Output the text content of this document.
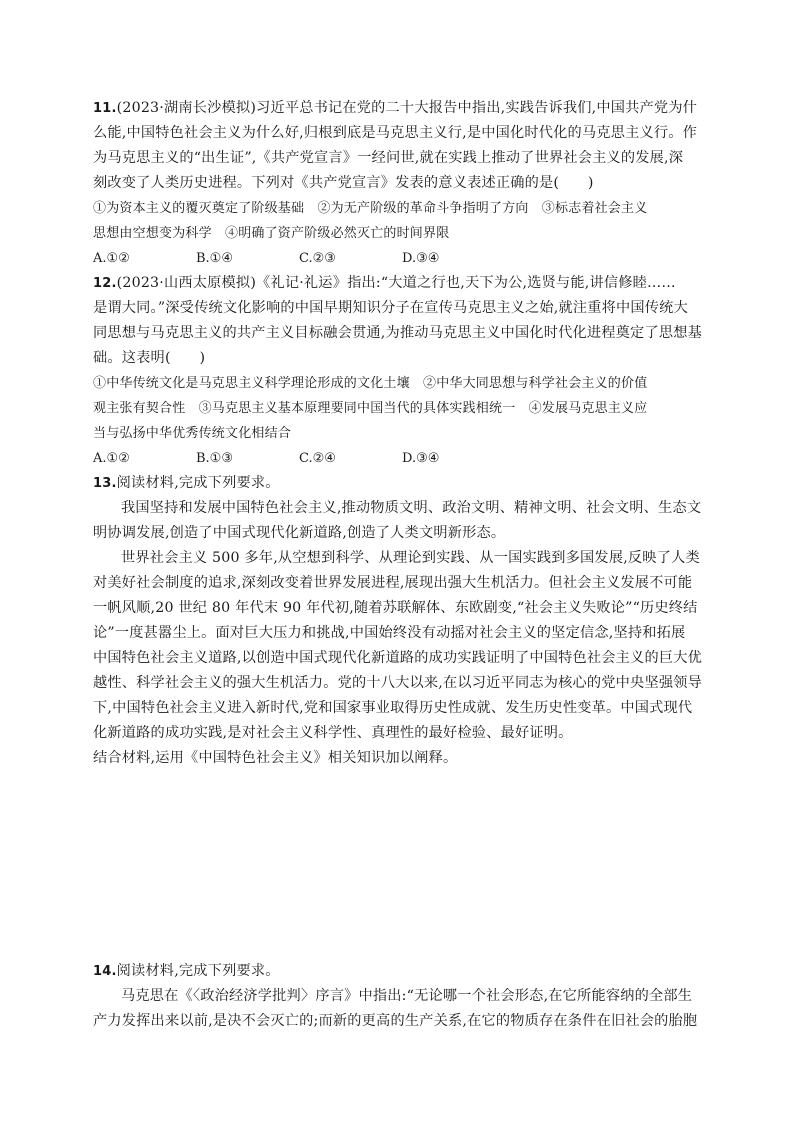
11.(2023·湖南长沙模拟)习近平总书记在党的二十大报告中指出,实践告诉我们,中国共产党为什
么能,中国特色社会主义为什么好,归根到底是马克思主义行,是中国化时代化的马克思主义行。作
为马克思主义的“出生证”,《共产党宣言》一经问世,就在实践上推动了世界社会主义的发展,深
刻改变了人类历史进程。下列对《共产党宣言》发表的意义表述正确的是(　　)
①为资本主义的覆灭奠定了阶级基础　②为无产阶级的革命斗争指明了方向　③标志着社会主义
思想由空想变为科学　④明确了资产阶级必然灭亡的时间界限
A.①②	B.①④	C.②③	D.③④
12.(2023·山西太原模拟)《礼记·礼运》指出:“大道之行也,天下为公,选贤与能,讲信修睦……
是谓大同。”深受传统文化影响的中国早期知识分子在宣传马克思主义之始,就注重将中国传统大
同思想与马克思主义的共产主义目标融会贯通,为推动马克思主义中国化时代化进程奠定了思想基
础。这表明(　　)
①中华传统文化是马克思主义科学理论形成的文化土壤　②中华大同思想与科学社会主义的价值
观主张有契合性　③马克思主义基本原理要同中国当代的具体实践相统一　④发展马克思主义应
当与弘扬中华优秀传统文化相结合
A.①②	B.①③	C.②④	D.③④
13.阅读材料,完成下列要求。
我国坚持和发展中国特色社会主义,推动物质文明、政治文明、精神文明、社会文明、生态文
明协调发展,创造了中国式现代化新道路,创造了人类文明新形态。
世界社会主义 500 多年,从空想到科学、从理论到实践、从一国实践到多国发展,反映了人类
对美好社会制度的追求,深刻改变着世界发展进程,展现出强大生机活力。但社会主义发展不可能
一帆风顺,20 世纪 80 年代末 90 年代初,随着苏联解体、东欧剧变,“社会主义失败论”“历史终结
论”一度甚嚣尘上。面对巨大压力和挑战,中国始终没有动摇对社会主义的坚定信念,坚持和拓展
中国特色社会主义道路,以创造中国式现代化新道路的成功实践证明了中国特色社会主义的巨大优
越性、科学社会主义的强大生机活力。党的十八大以来,在以习近平同志为核心的党中央坚强领导
下,中国特色社会主义进入新时代,党和国家事业取得历史性成就、发生历史性变革。中国式现代
化新道路的成功实践,是对社会主义科学性、真理性的最好检验、最好证明。
结合材料,运用《中国特色社会主义》相关知识加以阐释。
14.阅读材料,完成下列要求。
马克思在《〈政治经济学批判〉序言》中指出:“无论哪一个社会形态,在它所能容纳的全部生
产力发挥出来以前,是决不会灭亡的;而新的更高的生产关系,在它的物质存在条件在旧社会的胎胞
